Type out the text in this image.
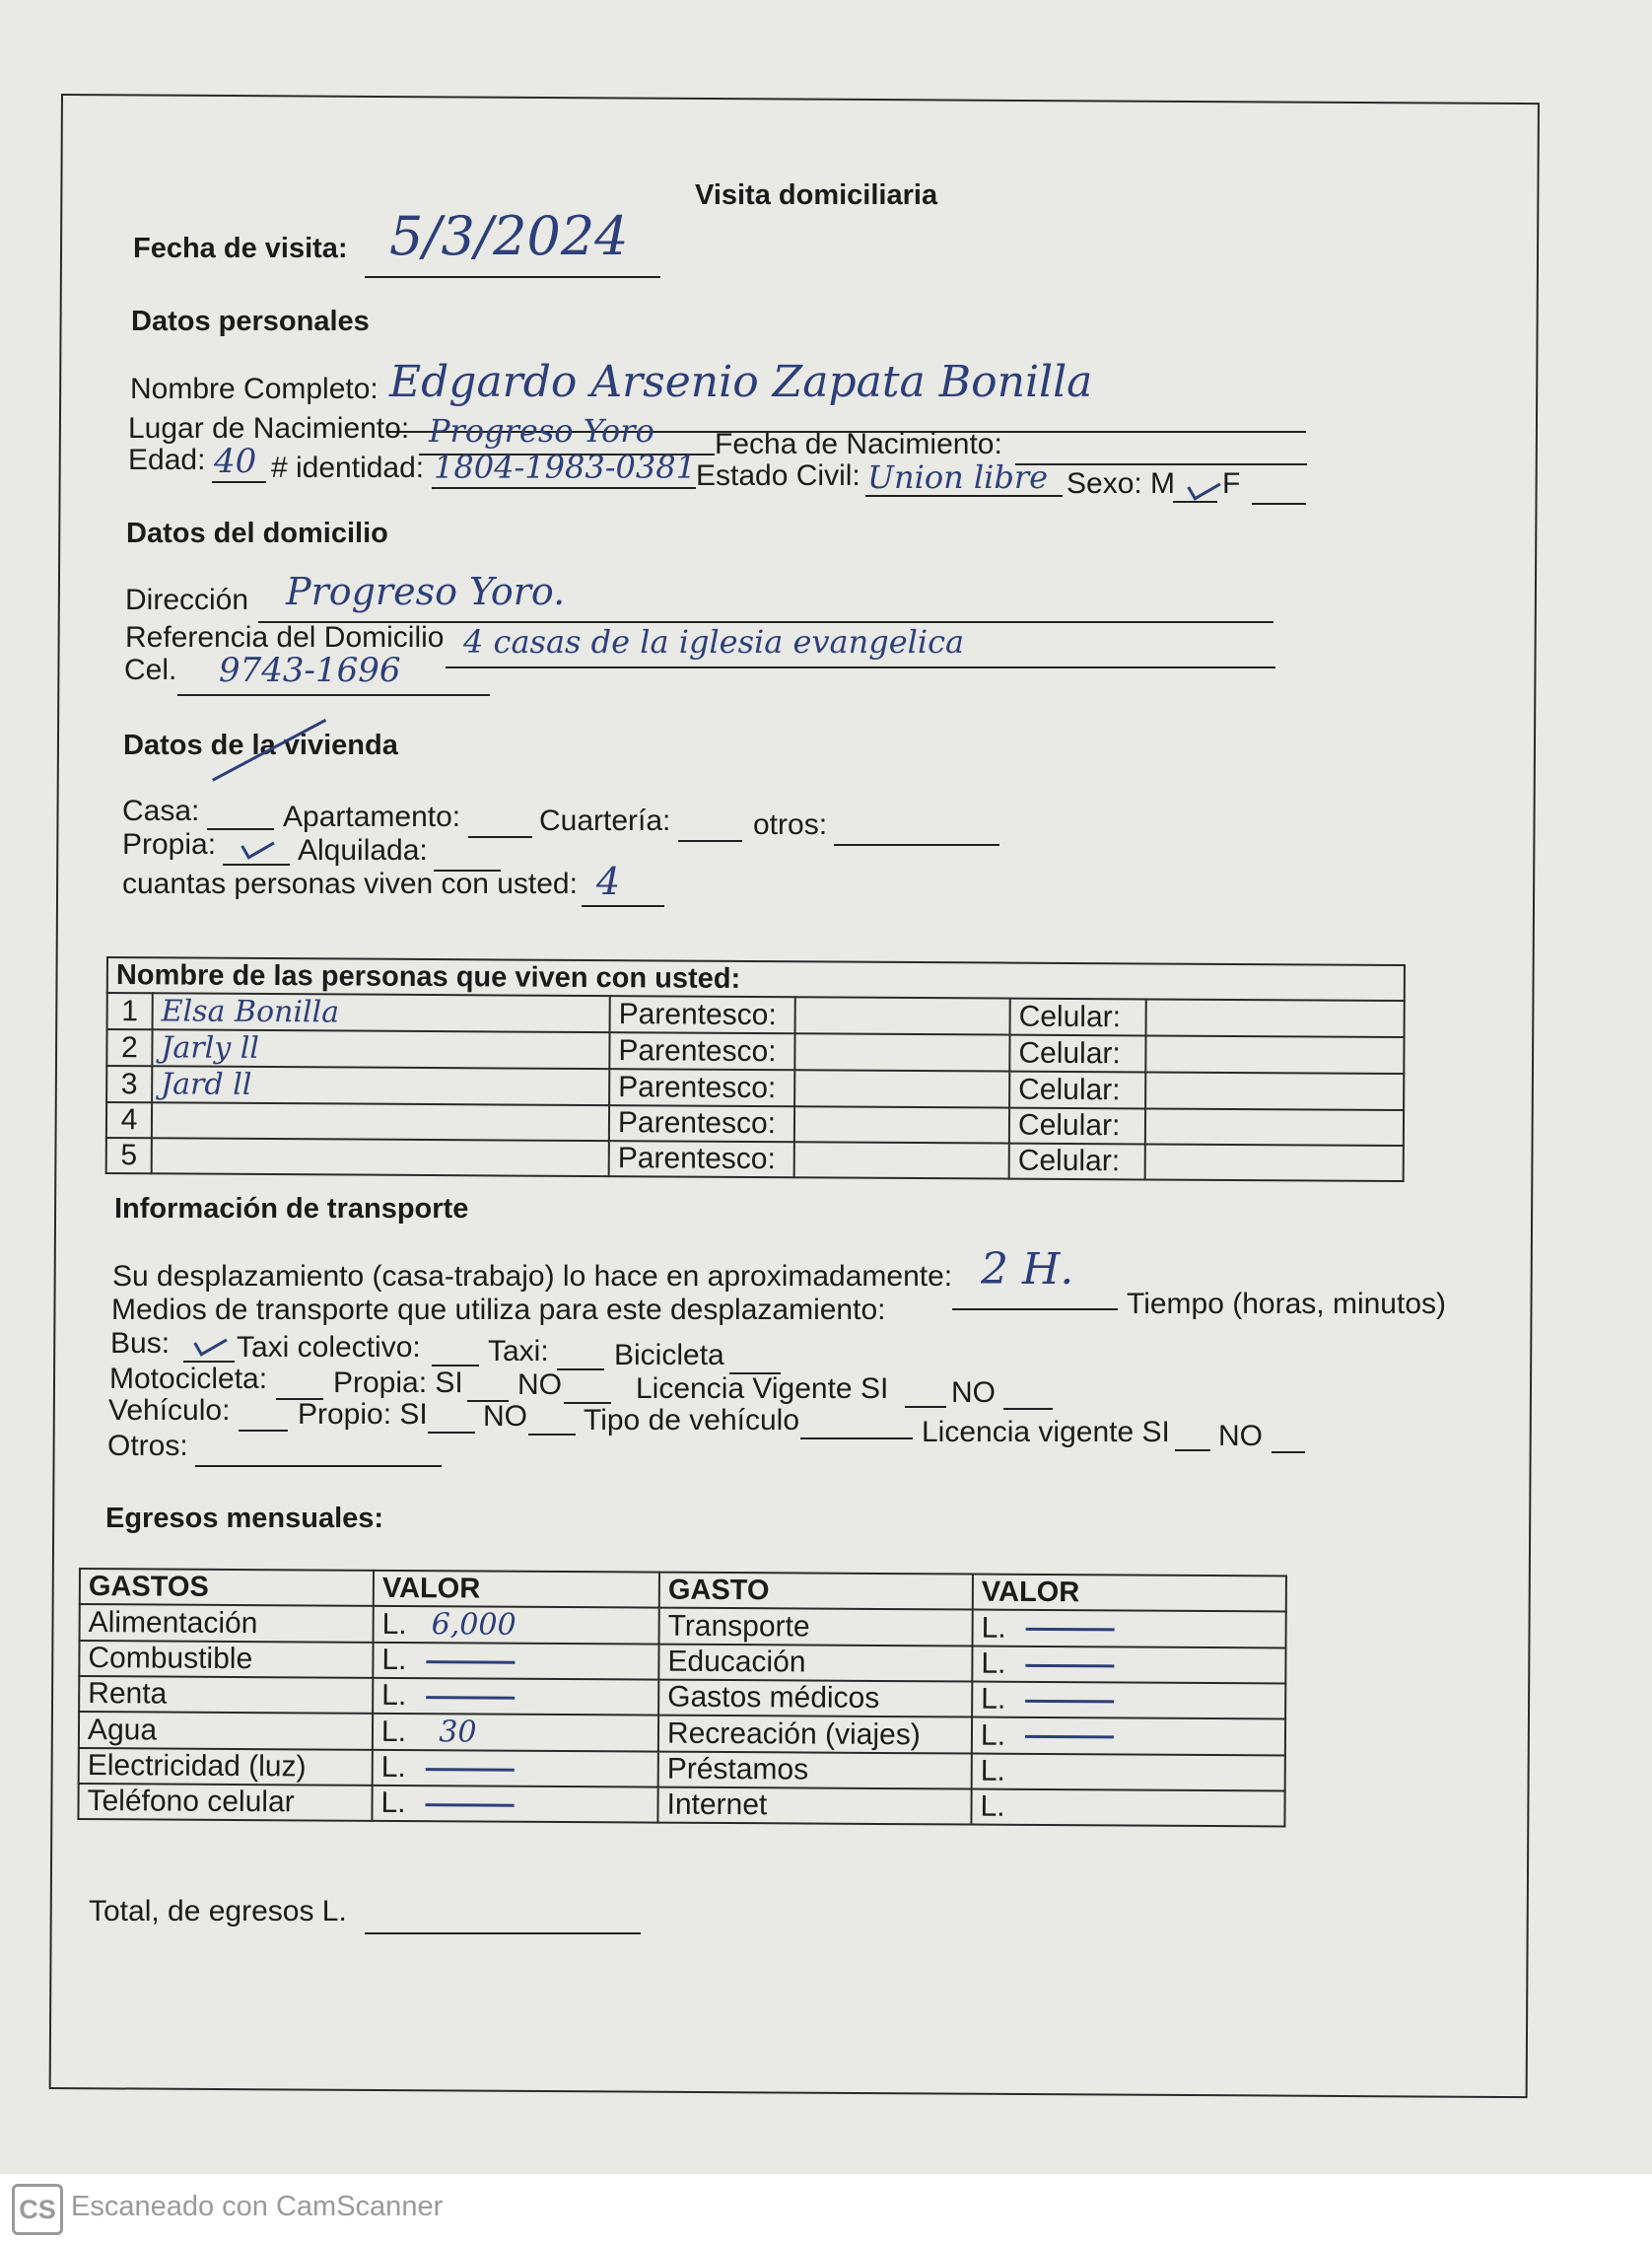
Visita domiciliaria
Fecha de visita: 5/3/2024
Datos personales
Nombre Completo: Edgardo Arsenio Zapata Bonilla
Lugar de Nacimiento: Progreso Yoro Fecha de Nacimiento:
Edad: 40 # identidad: 1804-1983-0381 Estado Civil: Union libre Sexo: M F
Datos del domicilio
Dirección Progreso Yoro.
Referencia del Domicilio 4 casas de la iglesia evangelica
Cel. 9743-1696
Datos de la vivienda
Casa:	Apartamento:	Cuartería:	otros:
Propia:	Alquilada:
cuantas personas viven con usted: 4
Nombre de las personas que viven con usted:					
1	Elsa Bonilla	Parentesco:		Celular:	
2	Jarly ll	Parentesco:		Celular:	
3	Jard ll	Parentesco:		Celular:	
4		Parentesco:		Celular:	
5		Parentesco:		Celular:	
Información de transporte
Su desplazamiento (casa-trabajo) lo hace en aproximadamente: 2 H.
Tiempo (horas, minutos)
Medios de transporte que utiliza para este desplazamiento:
Bus: Taxi colectivo: Taxi: Bicicleta
Motocicleta: Propia: SI NO	Licencia Vigente SI NO
Vehículo: Propio: SI NO Tipo de vehículo	Licencia vigente SI NO
Otros:
Egresos mensuales:
GASTOS	VALOR	GASTO	VALOR
Alimentación	L. 6,000	Transporte	L.
Combustible	L.	Educación	L.
Renta	L.	Gastos médicos	L.
Agua	L. 30	Recreación (viajes)	L.
Electricidad (luz)	L.	Préstamos	L.
Teléfono celular	L.	Internet	L.
Total, de egresos L.
CS Escaneado con CamScanner
